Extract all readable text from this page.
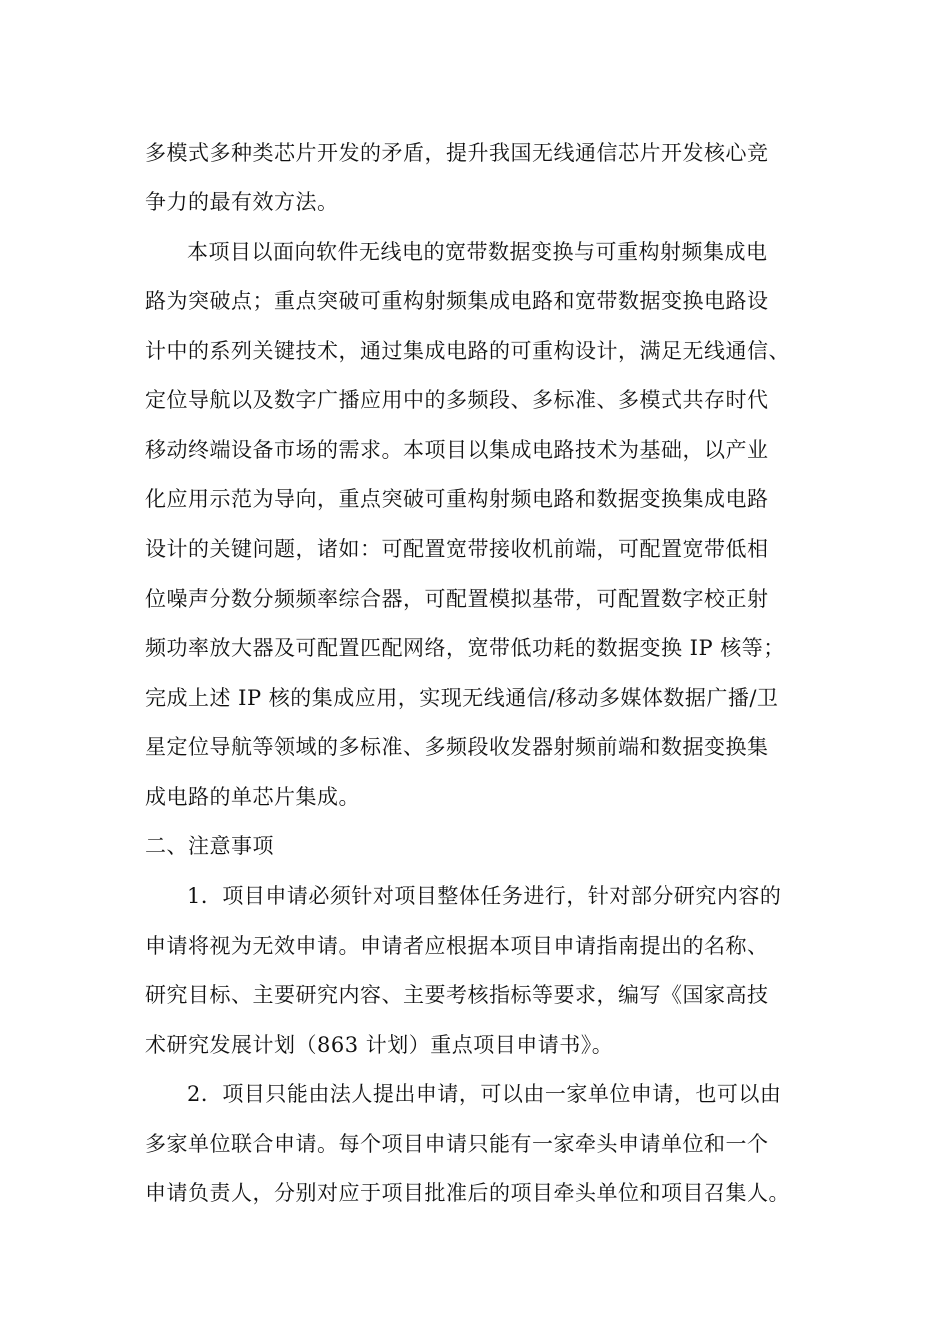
多模式多种类芯片开发的矛盾，提升我国无线通信芯片开发核心竞
争力的最有效方法。
本项目以面向软件无线电的宽带数据变换与可重构射频集成电
路为突破点；重点突破可重构射频集成电路和宽带数据变换电路设
计中的系列关键技术，通过集成电路的可重构设计，满足无线通信、
定位导航以及数字广播应用中的多频段、多标准、多模式共存时代
移动终端设备市场的需求。本项目以集成电路技术为基础，以产业
化应用示范为导向，重点突破可重构射频电路和数据变换集成电路
设计的关键问题，诸如：可配置宽带接收机前端，可配置宽带低相
位噪声分数分频频率综合器，可配置模拟基带，可配置数字校正射
频功率放大器及可配置匹配网络，宽带低功耗的数据变换 IP 核等；
完成上述 IP 核的集成应用，实现无线通信/移动多媒体数据广播/卫
星定位导航等领域的多标准、多频段收发器射频前端和数据变换集
成电路的单芯片集成。
二、注意事项
1．项目申请必须针对项目整体任务进行，针对部分研究内容的
申请将视为无效申请。申请者应根据本项目申请指南提出的名称、
研究目标、主要研究内容、主要考核指标等要求，编写《国家高技
术研究发展计划（863 计划）重点项目申请书》。
2．项目只能由法人提出申请，可以由一家单位申请，也可以由
多家单位联合申请。每个项目申请只能有一家牵头申请单位和一个
申请负责人，分别对应于项目批准后的项目牵头单位和项目召集人。
